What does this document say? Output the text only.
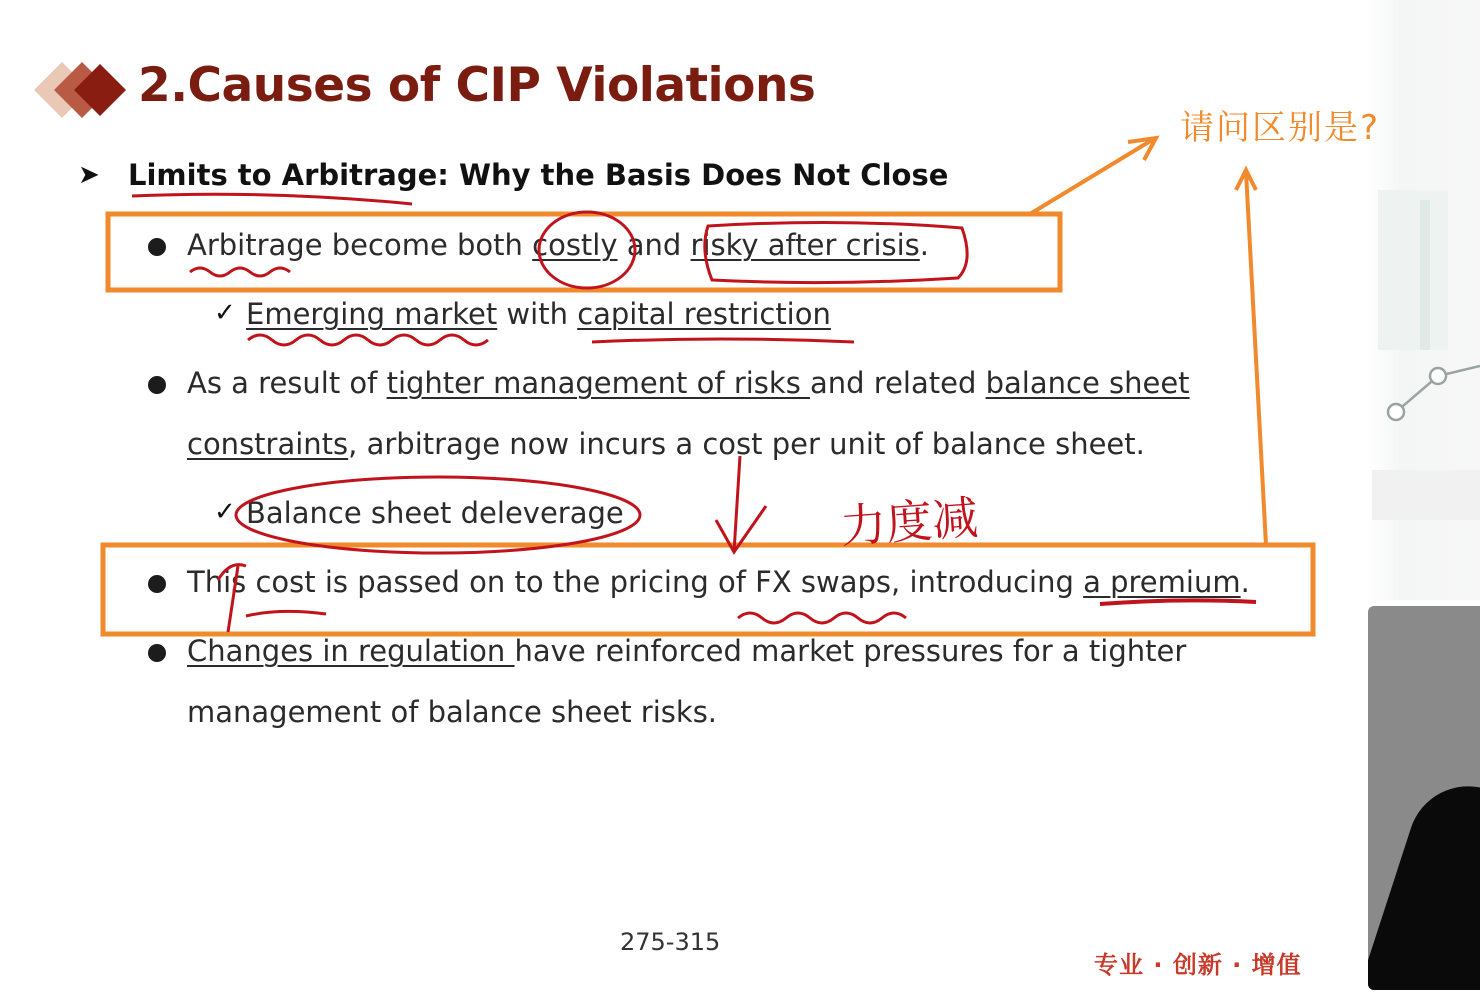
2.Causes of CIP Violations
➤ Limits to Arbitrage: Why the Basis Does Not Close
Arbitrage become both costly and risky after crisis.
✓ Emerging market with capital restriction
As a result of tighter management of risks and related balance sheet
constraints, arbitrage now incurs a cost per unit of balance sheet.
✓ Balance sheet deleverage
This cost is passed on to the pricing of FX swaps, introducing a premium.
Changes in regulation have reinforced market pressures for a tighter
management of balance sheet risks.
275-315
专业 · 创新 · 增值
请问区别是?
力度减
